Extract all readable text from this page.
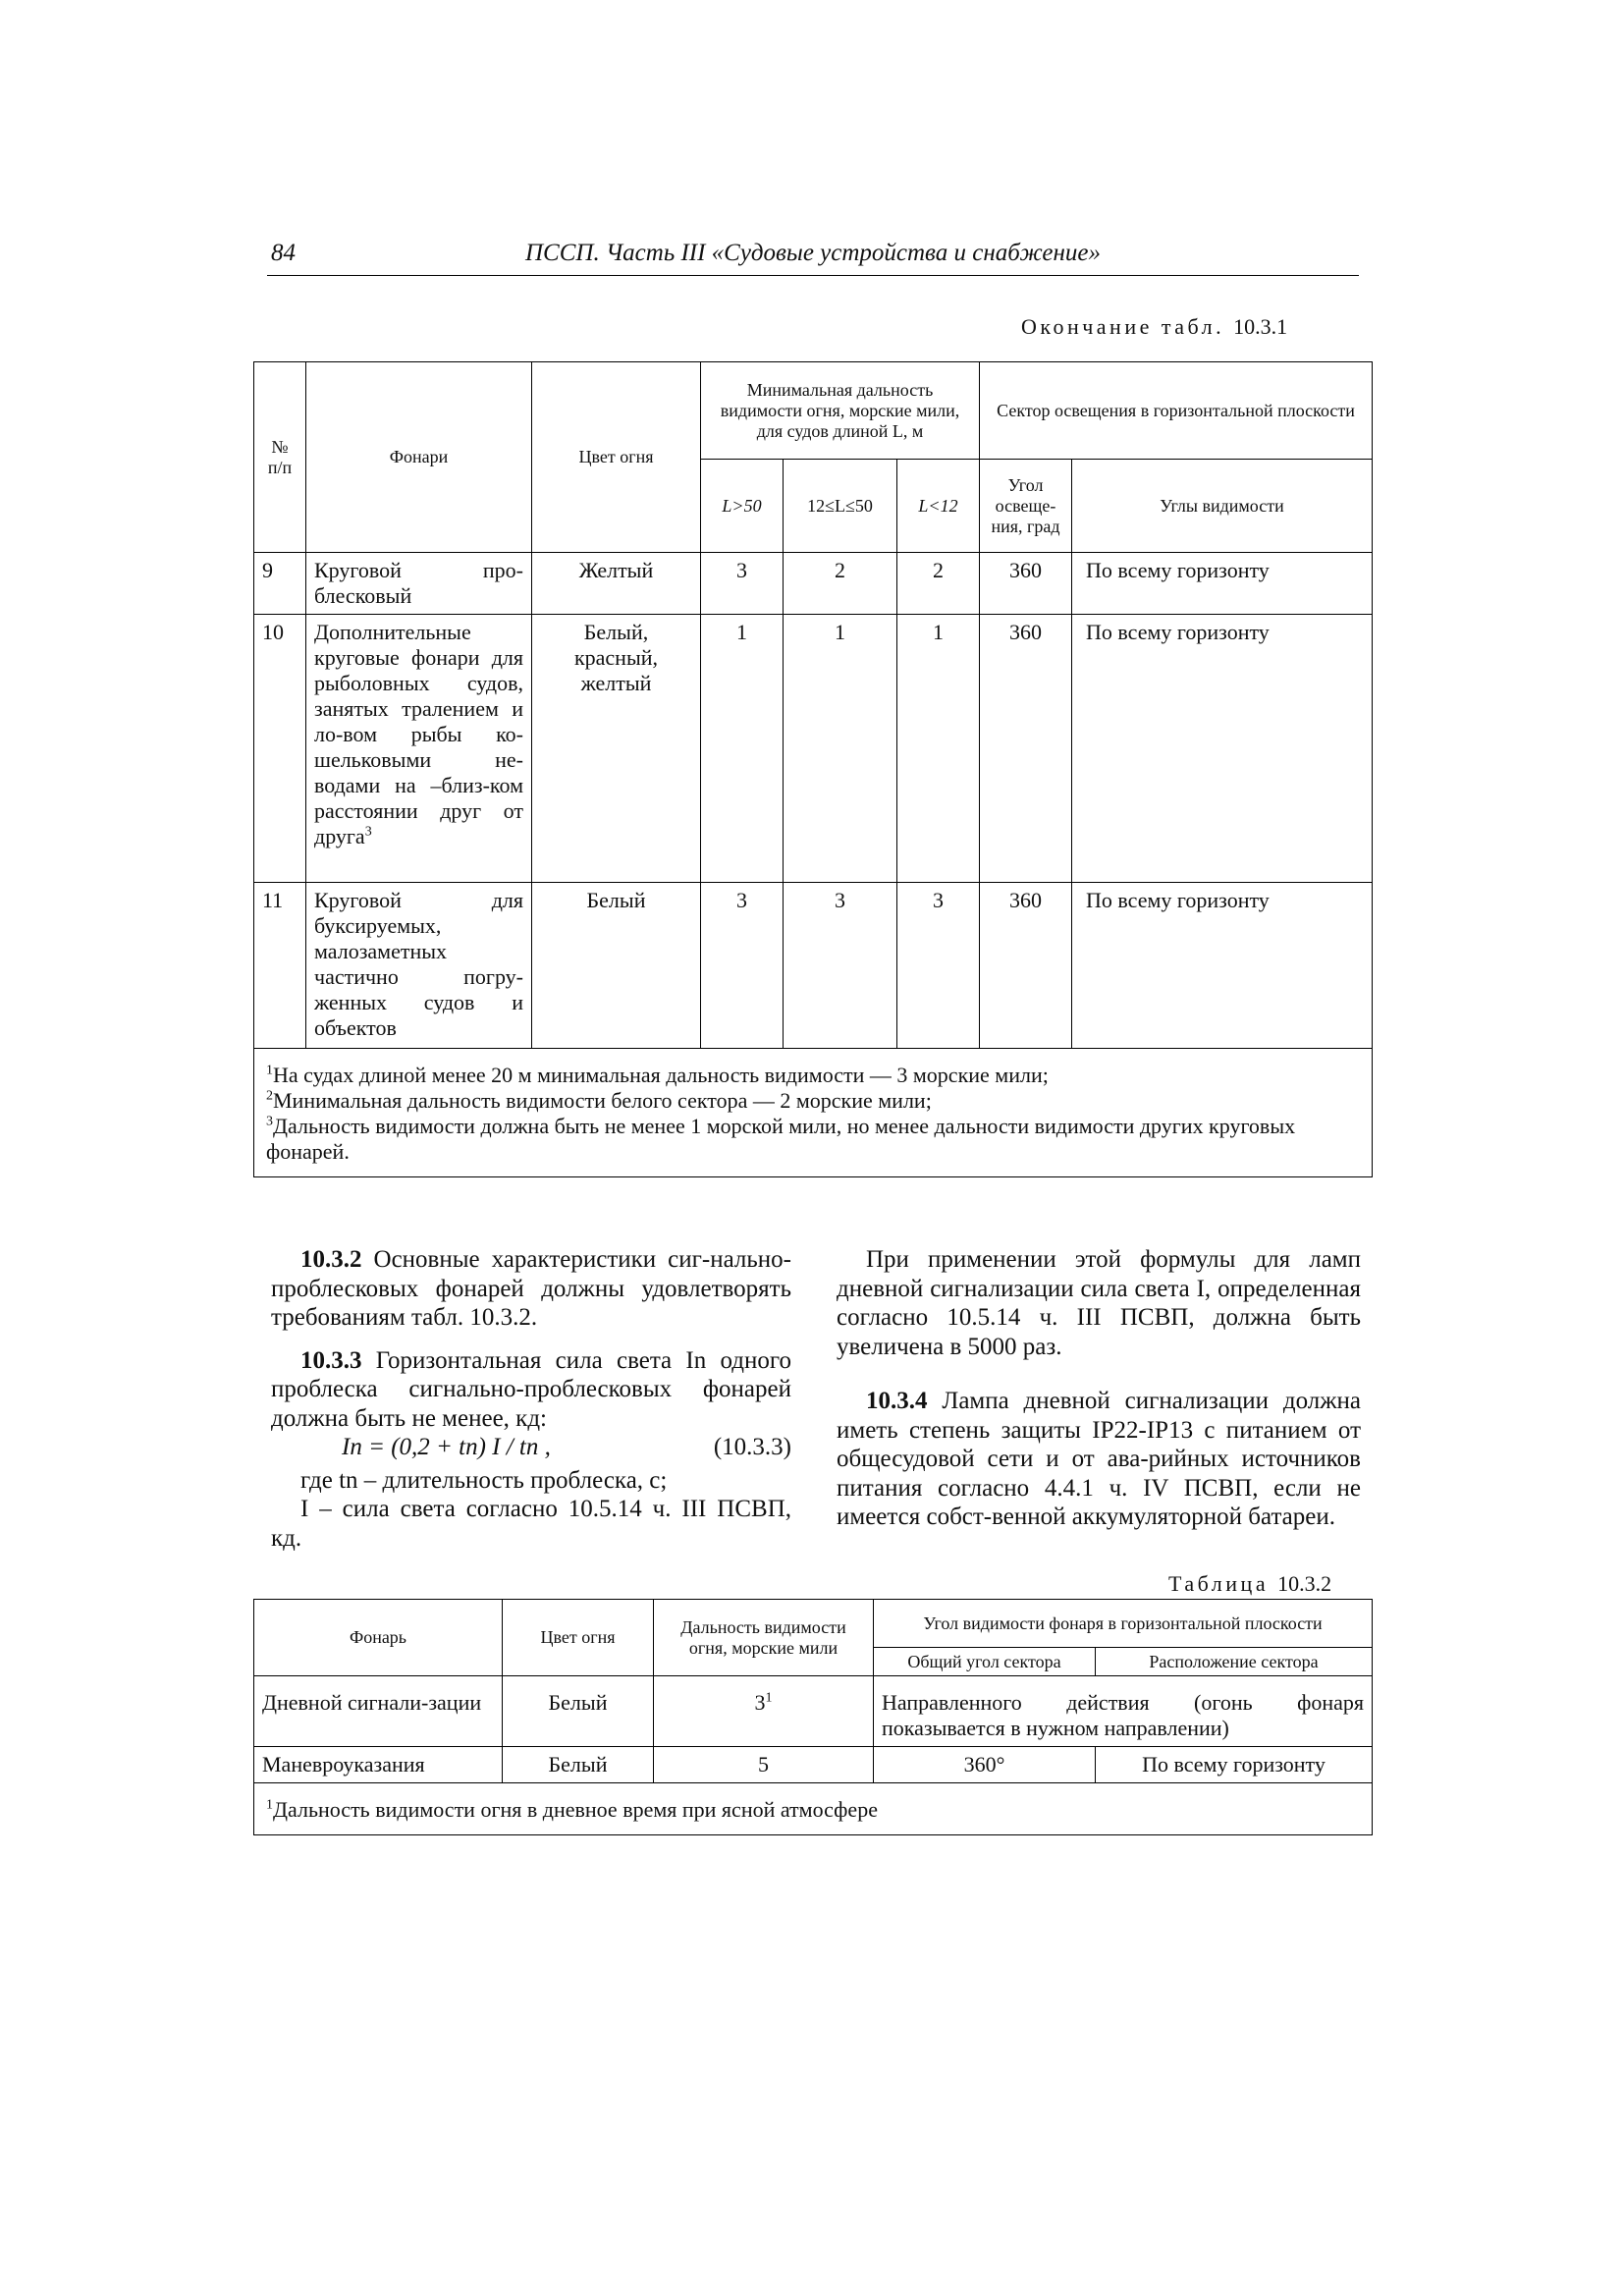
84	ПССП. Часть III «Судовые устройства и снабжение»
Окончание табл. 10.3.1
№ п/п	Фонари	Цвет огня	Минимальная дальность видимости огня, морские мили, для судов длиной L, м			Сектор освещения в горизонтальной плоскости	
			L>50	12≤L≤50	L<12	Угол освеще-ния, град	Углы видимости
9	Круговой про-блесковый	Желтый	3	2	2	360	По всему горизонту
10	Дополнительные круговые фонари для рыболовных судов, занятых тралением и ло-вом рыбы ко-шельковыми не-водами на ‒близ-ком расстоянии друг от друга$^3$	Белый, красный, желтый	1	1	1	360	По всему горизонту
11	Круговой для буксируемых, малозаметных частично погру-женных судов и объектов	Белый	3	3	3	360	По всему горизонту

$^1$На судах длиной менее 20 м минимальная дальность видимости — 3 морские мили;
$^2$Минимальная дальность видимости белого сектора — 2 морские мили;
$^3$Дальность видимости должна быть не менее 1 морской мили, но менее дальности видимости других круговых фонарей.							

10.3.2 Основные характеристики сиг-нально-проблесковых фонарей должны удовлетворять требованиям табл. 10.3.2.

10.3.3 Горизонтальная сила света In одного проблеска сигнально-проблесковых фонарей должна быть не менее, кд:

In = (0,2 + tn) I / tn ,	(10.3.3)

где tn ‒ длительность проблеска, с;

I ‒ сила света согласно 10.5.14 ч. III ПСВП, кд.

При применении этой формулы для ламп дневной сигнализации сила света I, определенная согласно 10.5.14 ч. III ПСВП, должна быть увеличена в 5000 раз.

10.3.4 Лампа дневной сигнализации должна иметь степень защиты IP22-IP13 с питанием от общесудовой сети и от ава-рийных источников питания согласно 4.4.1 ч. IV ПСВП, если не имеется собст-венной аккумуляторной батареи.

Таблица 10.3.2
Фонарь	Цвет огня	Дальность видимости огня, морские мили	Угол видимости фонаря в горизонтальной плоскости	
			Общий угол сектора	Расположение сектора
Дневной сигнали-зации	Белый	$3^1$	Направленного действия (огонь фонаря показывается в нужном направлении)	
Маневроуказания	Белый	5	360°	По всему горизонту
$^1$Дальность видимости огня в дневное время при ясной атмосфере				
